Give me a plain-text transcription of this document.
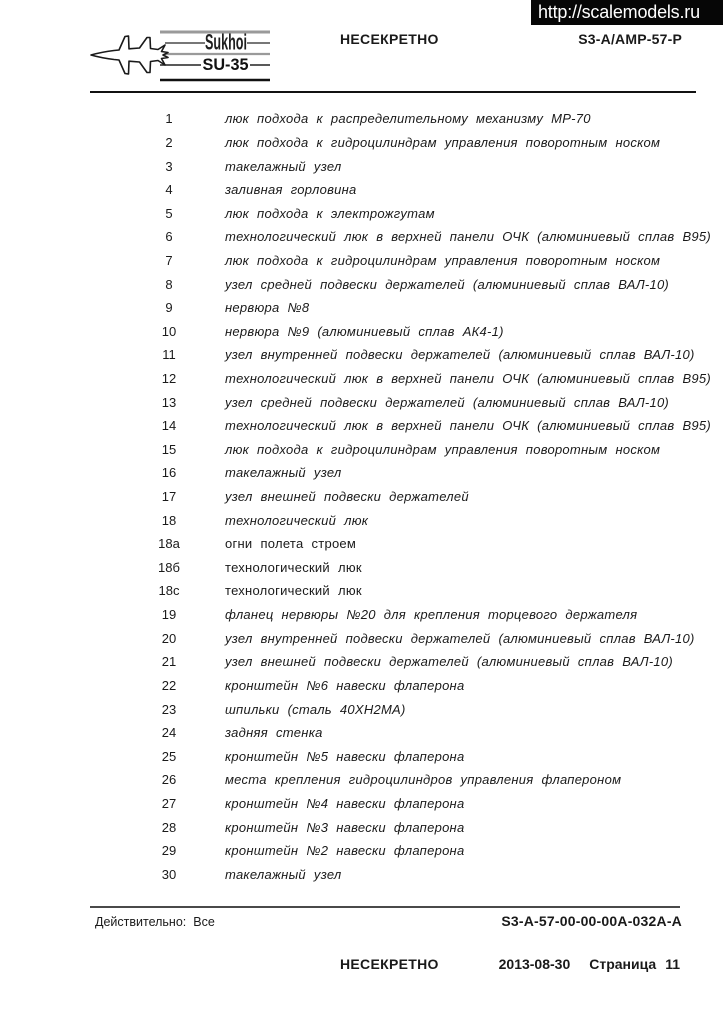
http://scalemodels.ru
Sukhoi
SU-35
НЕСЕКРЕТНО	S3-A/AMP-57-P
1	люк подхода к распределительному механизму МР-70
2	люк подхода к гидроцилиндрам управления поворотным носком
3	такелажный узел
4	заливная горловина
5	люк подхода к электрожгутам
6	технологический люк в верхней панели ОЧК (алюминиевый сплав В95)
7	люк подхода к гидроцилиндрам управления поворотным носком
8	узел средней подвески держателей (алюминиевый сплав ВАЛ-10)
9	нервюра №8
10	нервюра №9 (алюминиевый сплав АК4-1)
11	узел внутренней подвески держателей (алюминиевый сплав ВАЛ-10)
12	технологический люк в верхней панели ОЧК (алюминиевый сплав В95)
13	узел средней подвески держателей (алюминиевый сплав ВАЛ-10)
14	технологический люк в верхней панели ОЧК (алюминиевый сплав В95)
15	люк подхода к гидроцилиндрам управления поворотным носком
16	такелажный узел
17	узел внешней подвески держателей
18	технологический люк
18a	огни полета строем
18б	технологический люк
18c	технологический люк
19	фланец нервюры №20 для крепления торцевого держателя
20	узел внутренней подвески держателей (алюминиевый сплав ВАЛ-10)
21	узел внешней подвески держателей (алюминиевый сплав ВАЛ-10)
22	кронштейн №6 навески флаперона
23	шпильки (сталь 40ХН2МА)
24	задняя стенка
25	кронштейн №5 навески флаперона
26	места крепления гидроцилиндров управления флапероном
27	кронштейн №4 навески флаперона
28	кронштейн №3 навески флаперона
29	кронштейн №2 навески флаперона
30	такелажный узел
Действительно: Все	S3-A-57-00-00-00A-032A-A
НЕСЕКРЕТНО	2013-08-30 Страница 11
